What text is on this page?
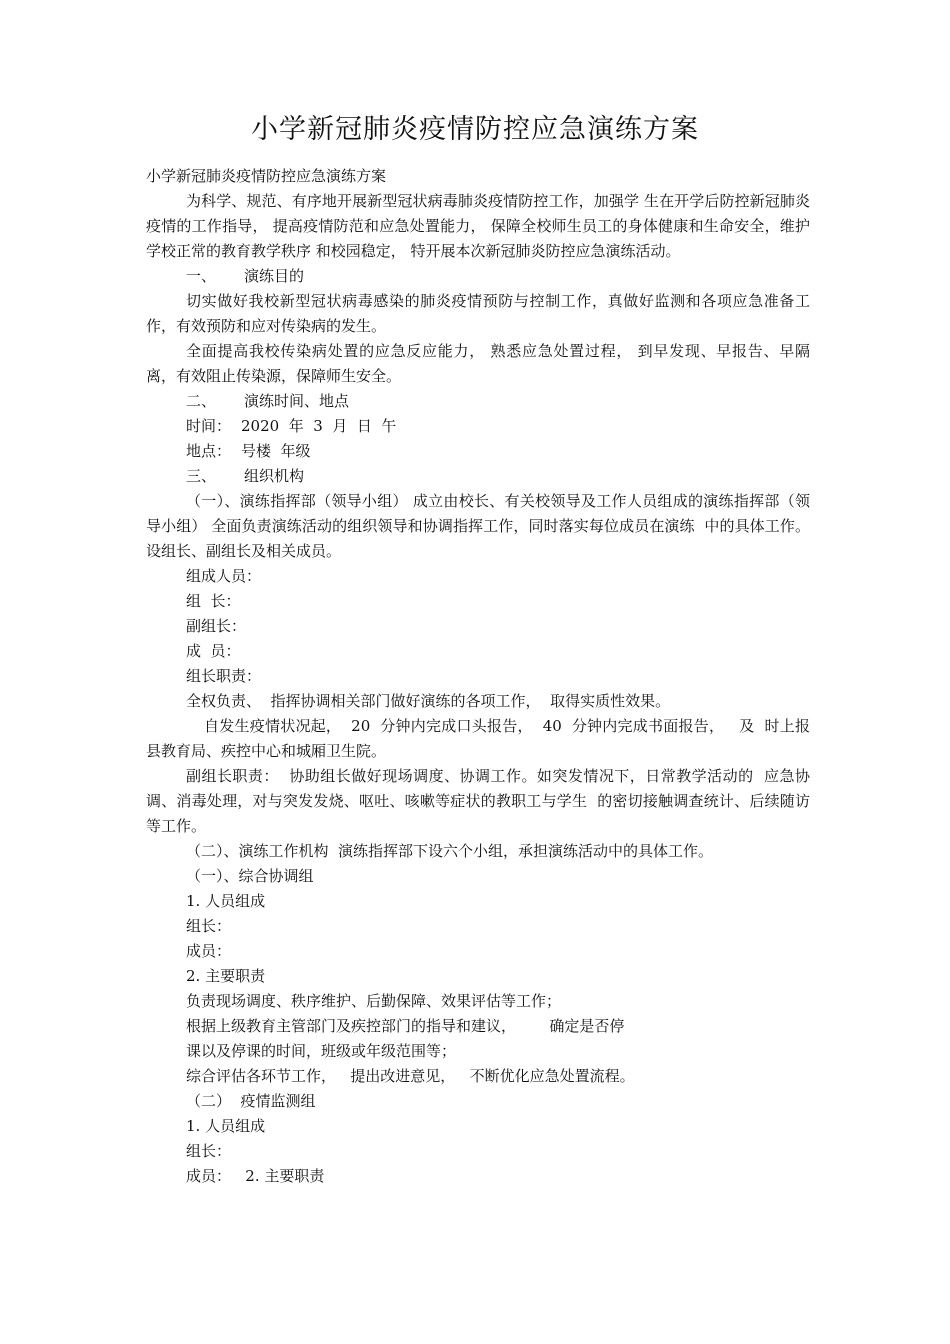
小学新冠肺炎疫情防控应急演练方案

小学新冠肺炎疫情防控应急演练方案

为科学、规范、有序地开展新型冠状病毒肺炎疫情防控工作，加强学 生在开学后防控新冠肺炎疫情的工作指导， 提高疫情防范和应急处置能力， 保障全校师生员工的身体健康和生命安全，维护学校正常的教育教学秩序 和校园稳定， 特开展本次新冠肺炎防控应急演练活动。

一、 演练目的

切实做好我校新型冠状病毒感染的肺炎疫情预防与控制工作，真做好监测和各项应急准备工作，有效预防和应对传染病的发生。

全面提高我校传染病处置的应急反应能力， 熟悉应急处置过程， 到早发现、早报告、早隔离，有效阻止传染源，保障师生安全。

二、 演练时间、地点

时间： 2020  年  3  月  日  午

地点： 号楼  年级

三、 组织机构

（一）、演练指挥部（领导小组） 成立由校长、有关校领导及工作人员组成的演练指挥部（领导小组） 全面负责演练活动的组织领导和协调指挥工作，同时落实每位成员在演练  中的具体工作。设组长、副组长及相关成员。

组成人员：

组  长：

副组长：

成  员：

组长职责：

全权负责、  指挥协调相关部门做好演练的各项工作，  取得实质性效果。

自发生疫情状况起，  20  分钟内完成口头报告，  40  分钟内完成书面报告，   及  时上报县教育局、疾控中心和城厢卫生院。

副组长职责：  协助组长做好现场调度、协调工作。如突发情况下，日常教学活动的  应急协调、消毒处理，对与突发发烧、呕吐、咳嗽等症状的教职工与学生  的密切接触调查统计、后续随访等工作。

（二）、演练工作机构  演练指挥部下设六个小组，承担演练活动中的具体工作。

（一）、综合协调组

1. 人员组成

组长：

成员：

2. 主要职责

负责现场调度、秩序维护、后勤保障、效果评估等工作；

根据上级教育主管部门及疾控部门的指导和建议，       确定是否停

课以及停课的时间，班级或年级范围等；

综合评估各环节工作，   提出改进意见，   不断优化应急处置流程。

（二）  疫情监测组

1. 人员组成

组长：

成员：   2. 主要职责
